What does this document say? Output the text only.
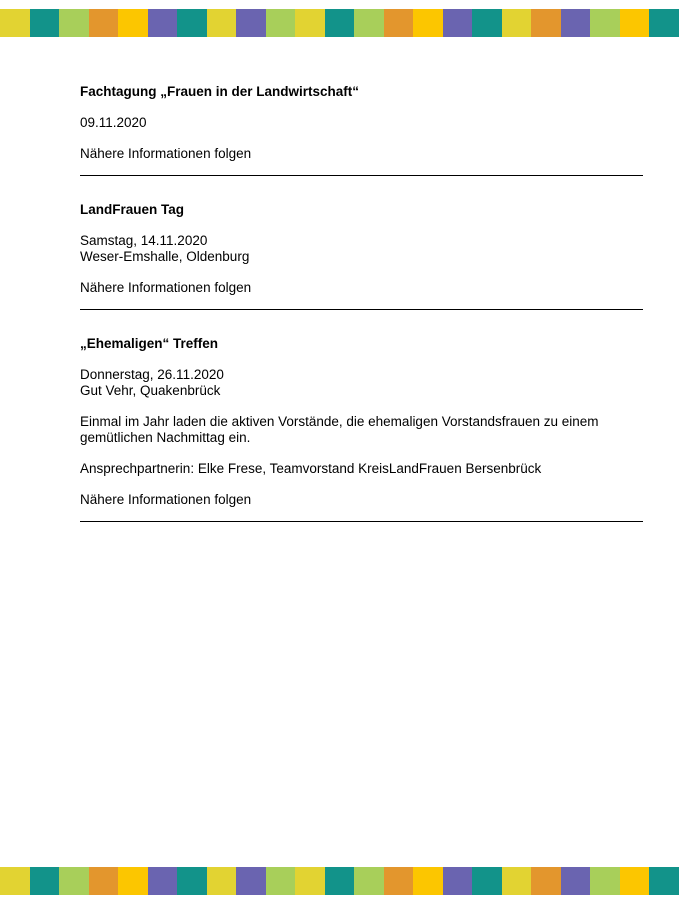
Fachtagung „Frauen in der Landwirtschaft“
09.11.2020
Nähere Informationen folgen
LandFrauen Tag
Samstag, 14.11.2020
Weser-Emshalle, Oldenburg
Nähere Informationen folgen
„Ehemaligen“ Treffen
Donnerstag, 26.11.2020
Gut Vehr, Quakenbrück
Einmal im Jahr laden die aktiven Vorstände, die ehemaligen Vorstandsfrauen zu einem gemütlichen Nachmittag ein.
Ansprechpartnerin: Elke Frese, Teamvorstand KreisLandFrauen Bersenbrück
Nähere Informationen folgen
